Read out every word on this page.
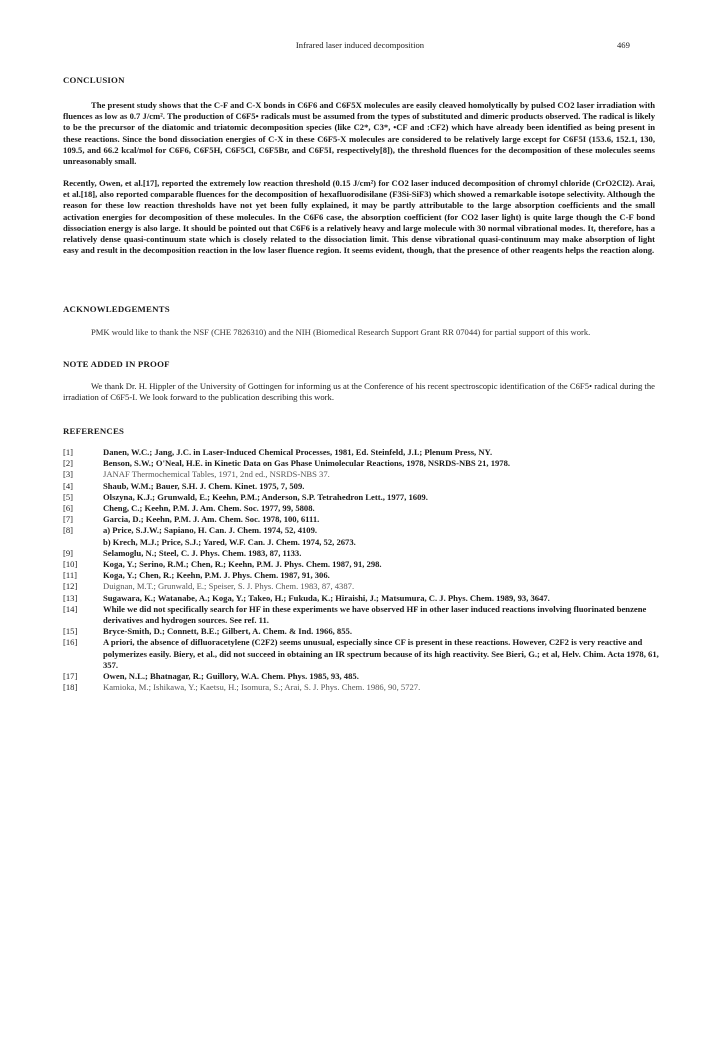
Infrared laser induced decomposition	469
CONCLUSION
The present study shows that the C-F and C-X bonds in C6F6 and C6F5X molecules are easily cleaved homolytically by pulsed CO2 laser irradiation with fluences as low as 0.7 J/cm². The production of C6F5• radicals must be assumed from the types of substituted and dimeric products observed. The radical is likely to be the precursor of the diatomic and triatomic decomposition species (like C2*, C3*, •CF and :CF2) which have already been identified as being present in these reactions. Since the bond dissociation energies of C-X in these C6F5-X molecules are considered to be relatively large except for C6F5I (153.6, 152.1, 130, 109.5, and 66.2 kcal/mol for C6F6, C6F5H, C6F5Cl, C6F5Br, and C6F5I, respectively[8]), the threshold fluences for the decomposition of these molecules seems unreasonably small.
Recently, Owen, et al.[17], reported the extremely low reaction threshold (0.15 J/cm²) for CO2 laser induced decomposition of chromyl chloride (CrO2Cl2). Arai, et al.[18], also reported comparable fluences for the decomposition of hexafluorodisilane (F3Si-SiF3) which showed a remarkable isotope selectivity. Although the reason for these low reaction thresholds have not yet been fully explained, it may be partly attributable to the large absorption coefficients and the small activation energies for decomposition of these molecules. In the C6F6 case, the absorption coefficient (for CO2 laser light) is quite large though the C-F bond dissociation energy is also large. It should be pointed out that C6F6 is a relatively heavy and large molecule with 30 normal vibrational modes. It, therefore, has a relatively dense quasi-continuum state which is closely related to the dissociation limit. This dense vibrational quasi-continuum may make absorption of light easy and result in the decomposition reaction in the low laser fluence region. It seems evident, though, that the presence of other reagents helps the reaction along.
ACKNOWLEDGEMENTS
PMK would like to thank the NSF (CHE 7826310) and the NIH (Biomedical Research Support Grant RR 07044) for partial support of this work.
NOTE ADDED IN PROOF
We thank Dr. H. Hippler of the University of Gottingen for informing us at the Conference of his recent spectroscopic identification of the C6F5• radical during the irradiation of C6F5-I. We look forward to the publication describing this work.
REFERENCES
[1]	Danen, W.C.; Jang, J.C. in Laser-Induced Chemical Processes, 1981, Ed. Steinfeld, J.I.; Plenum Press, NY.
[2]	Benson, S.W.; O'Neal, H.E. in Kinetic Data on Gas Phase Unimolecular Reactions, 1978, NSRDS-NBS 21, 1978.
[3]	JANAF Thermochemical Tables, 1971, 2nd ed., NSRDS-NBS 37.
[4]	Shaub, W.M.; Bauer, S.H. J. Chem. Kinet. 1975, 7, 509.
[5]	Olszyna, K.J.; Grunwald, E.; Keehn, P.M.; Anderson, S.P. Tetrahedron Lett., 1977, 1609.
[6]	Cheng, C.; Keehn, P.M. J. Am. Chem. Soc. 1977, 99, 5808.
[7]	Garcia, D.; Keehn, P.M. J. Am. Chem. Soc. 1978, 100, 6111.
[8]	a) Price, S.J.W.; Sapiano, H. Can. J. Chem. 1974, 52, 4109.
b) Krech, M.J.; Price, S.J.; Yared, W.F. Can. J. Chem. 1974, 52, 2673.
[9]	Selamoglu, N.; Steel, C. J. Phys. Chem. 1983, 87, 1133.
[10]	Koga, Y.; Serino, R.M.; Chen, R.; Keehn, P.M. J. Phys. Chem. 1987, 91, 298.
[11]	Koga, Y.; Chen, R.; Keehn, P.M. J. Phys. Chem. 1987, 91, 306.
[12]	Duignan, M.T.; Grunwald, E.; Speiser, S. J. Phys. Chem. 1983, 87, 4387.
[13]	Sugawara, K.; Watanabe, A.; Koga, Y.; Takeo, H.; Fukuda, K.; Hiraishi, J.; Matsumura, C. J. Phys. Chem. 1989, 93, 3647.
[14]	While we did not specifically search for HF in these experiments we have observed HF in other laser induced reactions involving fluorinated benzene derivatives and hydrogen sources. See ref. 11.
[15]	Bryce-Smith, D.; Connett, B.E.; Gilbert, A. Chem. & Ind. 1966, 855.
[16]	A priori, the absence of difluoracetylene (C2F2) seems unusual, especially since CF is present in these reactions. However, C2F2 is very reactive and polymerizes easily. Biery, et al., did not succeed in obtaining an IR spectrum because of its high reactivity. See Bieri, G.; et al, Helv. Chim. Acta 1978, 61, 357.
[17]	Owen, N.L.; Bhatnagar, R.; Guillory, W.A. Chem. Phys. 1985, 93, 485.
[18]	Kamioka, M.; Ishikawa, Y.; Kaetsu, H.; Isomura, S.; Arai, S. J. Phys. Chem. 1986, 90, 5727.
